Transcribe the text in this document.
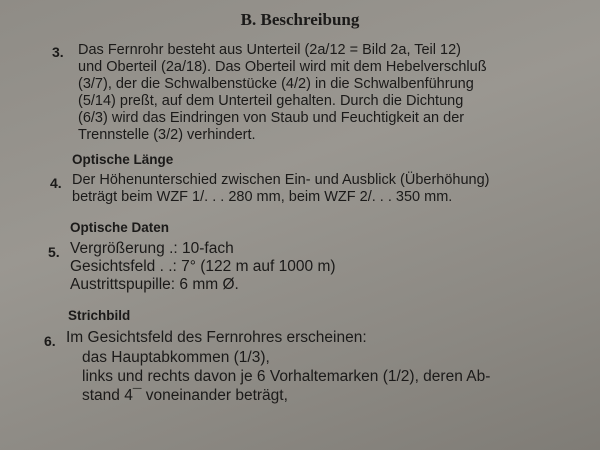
B. Beschreibung
3. Das Fernrohr besteht aus Unterteil (2a/12 = Bild 2a, Teil 12)
und Oberteil (2a/18). Das Oberteil wird mit dem Hebelverschluß
(3/7), der die Schwalbenstücke (4/2) in die Schwalbenführung
(5/14) preßt, auf dem Unterteil gehalten. Durch die Dichtung
(6/3) wird das Eindringen von Staub und Feuchtigkeit an der
Trennstelle (3/2) verhindert.
Optische Länge
4. Der Höhenunterschied zwischen Ein- und Ausblick (Überhöhung)
beträgt beim WZF 1/. . . 280 mm, beim WZF 2/. . . 350 mm.
Optische Daten
5. Vergrößerung .: 10-fach
Gesichtsfeld . .: 7° (122 m auf 1000 m)
Austrittspupille: 6 mm Ø.
Strichbild
6. Im Gesichtsfeld des Fernrohres erscheinen:
das Hauptabkommen (1/3),
links und rechts davon je 6 Vorhaltemarken (1/2), deren Ab-
stand 4¯ voneinander beträgt,
